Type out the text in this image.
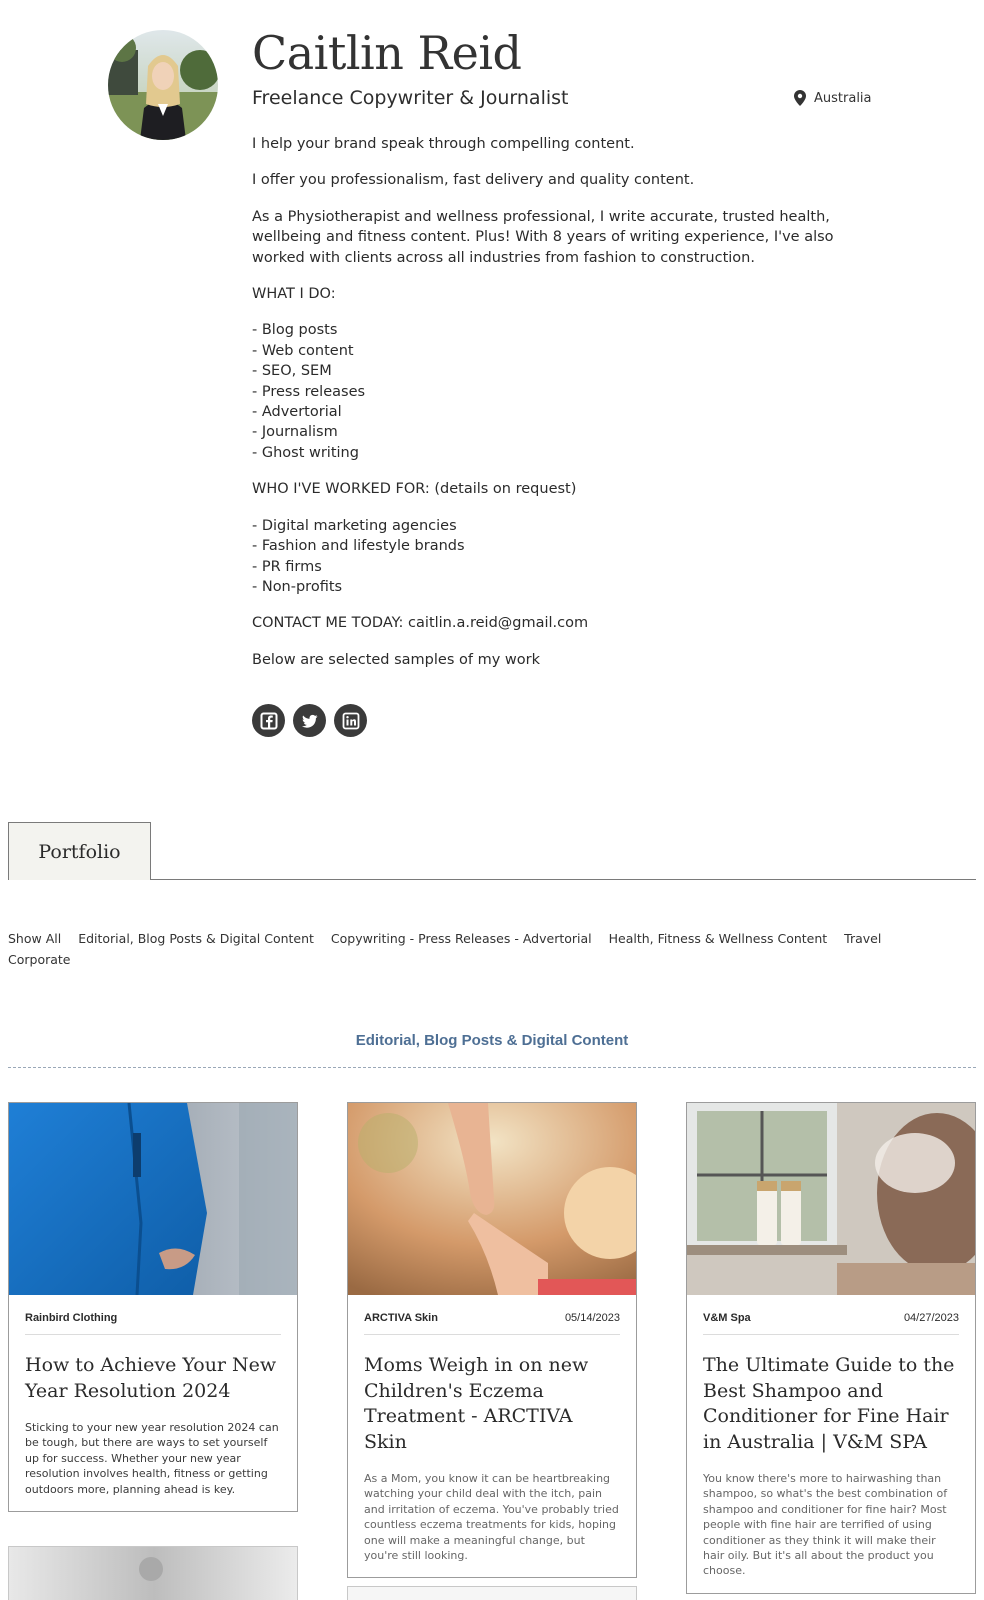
Caitlin Reid
Freelance Copywriter & Journalist	Australia

I help your brand speak through compelling content.

I offer you professionalism, fast delivery and quality content.

As a Physiotherapist and wellness professional, I write accurate, trusted health, wellbeing and fitness content. Plus! With 8 years of writing experience, I've also worked with clients across all industries from fashion to construction.

WHAT I DO:

- Blog posts
- Web content
- SEO, SEM
- Press releases
- Advertorial
- Journalism
- Ghost writing

WHO I'VE WORKED FOR: (details on request)

- Digital marketing agencies
- Fashion and lifestyle brands
- PR firms
- Non-profits

CONTACT ME TODAY: caitlin.a.reid@gmail.com

Below are selected samples of my work

Portfolio
Show All Editorial, Blog Posts & Digital Content Copywriting - Press Releases - Advertorial Health, Fitness & Wellness Content Travel
Corporate
Editorial, Blog Posts & Digital Content
Rainbird Clothing
How to Achieve Your New Year Resolution 2024
Sticking to your new year resolution 2024 can be tough, but there are ways to set yourself up for success. Whether your new year resolution involves health, fitness or getting outdoors more, planning ahead is key.
ARCTIVA Skin	05/14/2023
Moms Weigh in on new Children's Eczema Treatment - ARCTIVA Skin
As a Mom, you know it can be heartbreaking watching your child deal with the itch, pain and irritation of eczema. You've probably tried countless eczema treatments for kids, hoping one will make a meaningful change, but you're still looking.
V&M Spa	04/27/2023
The Ultimate Guide to the Best Shampoo and Conditioner for Fine Hair in Australia | V&M SPA
You know there's more to hairwashing than shampoo, so what's the best combination of shampoo and conditioner for fine hair? Most people with fine hair are terrified of using conditioner as they think it will make their hair oily. But it's all about the product you choose.
